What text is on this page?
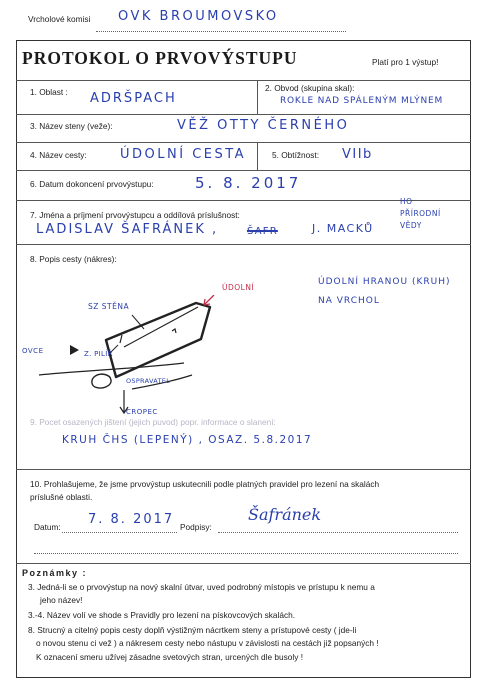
Vrcholové komisi OVK BROUMOVSKO
PROTOKOL O PRVOVÝSTUPU	Platí pro 1 výstup!
1. Oblast : ADRŠPACH
2. Obvod (skupina skal):
ROKLE NAD SPÁLENÝM MLÝNEM
3. Název steny (veže):	VĚŽ OTTY ČERNÉHO
4. Název cesty:	ÚDOLNÍ CESTA	5. Obtížnost: VIIb
6. Datum dokoncení prvovýstupu:	5. 8. 2017
7. Jména a príjmení prvovýstupcu a oddílová príslušnost:
LADISLAV ŠAFRÁNEK ,	ŠAFR	J. MACKŮ
HO PŘÍRODNÍ VĚDY
8. Popis cesty (nákres):
ÚDOLNÍ HRANOU (KRUH)
NA VRCHOL
SZ STĚNA
ÚDOLNÍ
OVCE	Z. PILÍŘ
OSPRAVATEL
CROPEC
9. Pocet osazených jištení (jejich puvod) popr. informace o slanení:
KRUH ČHS (LEPENÝ) , OSAZ. 5.8.2017
10. Prohlašujeme, že jsme prvovýstup uskutecnili podle platných pravidel pro lezení na skalách
príslušné oblasti.
Datum: 7. 8. 2017 Podpisy:
Šafránek
Poznámky :
3. Jedná-li se o prvovýstup na nový skalní útvar, uved podrobný místopis ve prístupu k nemu a
jeho název!
3.-4. Název volí ve shode s Pravidly pro lezení na pískovcových skalách.
8. Strucný a citelný popis cesty doplň výstižným nácrtkem steny a prístupové cesty ( jde-li
o novou stenu ci vež ) a nákresem cesty nebo nástupu v závislosti na cestách již popsaných !
K oznacení smeru užívej zásadne svetových stran, urcených dle busoly !
